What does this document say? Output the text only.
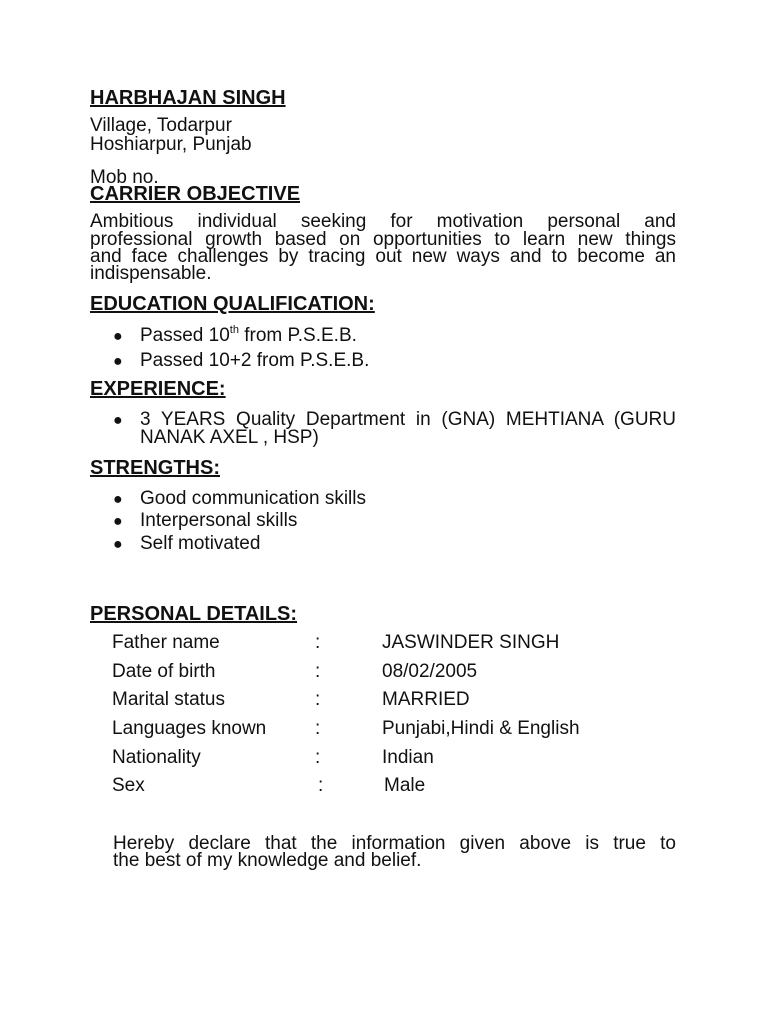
HARBHAJAN SINGH
Village, Todarpur
Hoshiarpur, Punjab
Mob no.
CARRIER OBJECTIVE
Ambitious individual seeking for motivation personal and
professional growth based on opportunities to learn new things
and face challenges by tracing out new ways and to become an
indispensable.
EDUCATION QUALIFICATION:
● Passed 10th from P.S.E.B.
● Passed 10+2 from P.S.E.B.
EXPERIENCE:
● 3 YEARS Quality Department in (GNA) MEHTIANA (GURU
NANAK AXEL , HSP)
STRENGTHS:
● Good communication skills
● Interpersonal skills
● Self motivated
PERSONAL DETAILS:
Father name	:	JASWINDER SINGH
Date of birth	:	08/02/2005
Marital status	:	MARRIED
Languages known	:	Punjabi,Hindi & English
Nationality	:	Indian
Sex	:	Male
Hereby declare that the information given above is true to
the best of my knowledge and belief.
